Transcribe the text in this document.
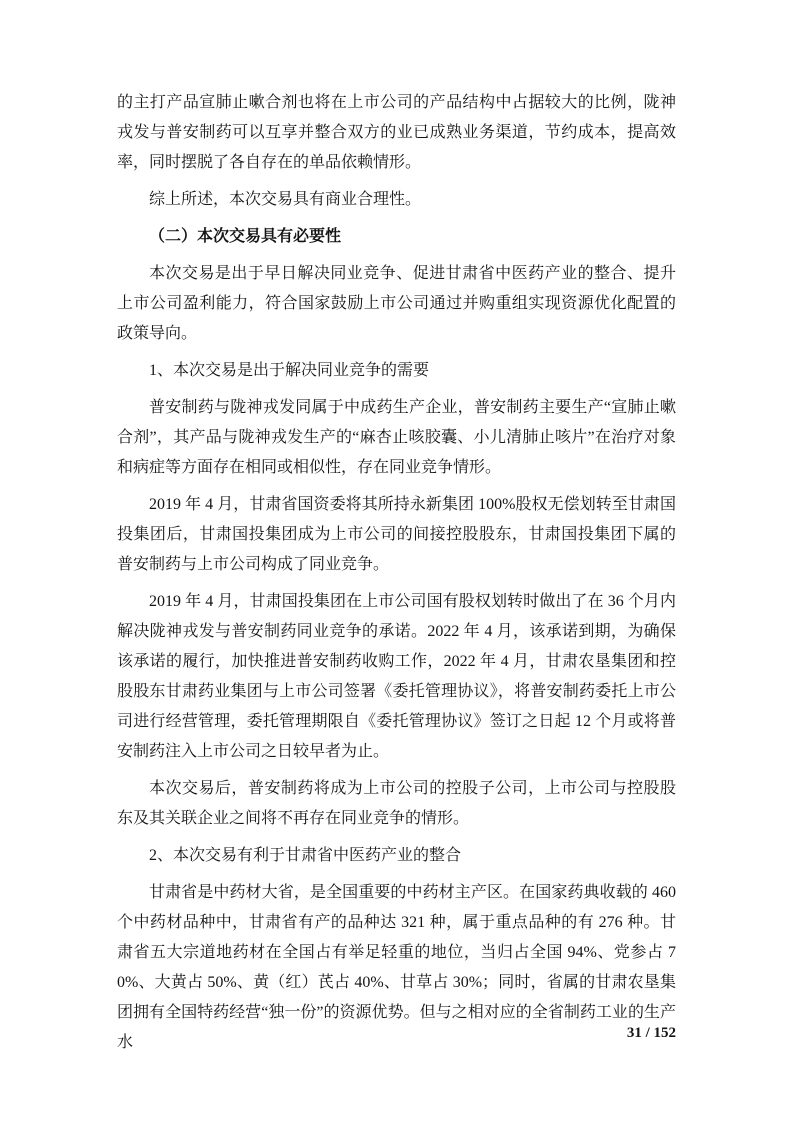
的主打产品宣肺止嗽合剂也将在上市公司的产品结构中占据较大的比例，陇神戎发与普安制药可以互享并整合双方的业已成熟业务渠道，节约成本，提高效率，同时摆脱了各自存在的单品依赖情形。

综上所述，本次交易具有商业合理性。

（二）本次交易具有必要性

本次交易是出于早日解决同业竞争、促进甘肃省中医药产业的整合、提升上市公司盈利能力，符合国家鼓励上市公司通过并购重组实现资源优化配置的政策导向。

1、本次交易是出于解决同业竞争的需要

普安制药与陇神戎发同属于中成药生产企业，普安制药主要生产“宣肺止嗽合剂”，其产品与陇神戎发生产的“麻杏止咳胶囊、小儿清肺止咳片”在治疗对象和病症等方面存在相同或相似性，存在同业竞争情形。

2019 年 4 月，甘肃省国资委将其所持永新集团 100%股权无偿划转至甘肃国投集团后，甘肃国投集团成为上市公司的间接控股股东，甘肃国投集团下属的普安制药与上市公司构成了同业竞争。

2019 年 4 月，甘肃国投集团在上市公司国有股权划转时做出了在 36 个月内解决陇神戎发与普安制药同业竞争的承诺。2022 年 4 月，该承诺到期，为确保该承诺的履行，加快推进普安制药收购工作，2022 年 4 月，甘肃农垦集团和控股股东甘肃药业集团与上市公司签署《委托管理协议》，将普安制药委托上市公司进行经营管理，委托管理期限自《委托管理协议》签订之日起 12 个月或将普安制药注入上市公司之日较早者为止。

本次交易后，普安制药将成为上市公司的控股子公司，上市公司与控股股东及其关联企业之间将不再存在同业竞争的情形。

2、本次交易有利于甘肃省中医药产业的整合

甘肃省是中药材大省，是全国重要的中药材主产区。在国家药典收载的 460 个中药材品种中，甘肃省有产的品种达 321 种，属于重点品种的有 276 种。甘肃省五大宗道地药材在全国占有举足轻重的地位，当归占全国 94%、党参占 70%、大黄占 50%、黄（红）芪占 40%、甘草占 30%；同时，省属的甘肃农垦集团拥有全国特药经营“独一份”的资源优势。但与之相对应的全省制药工业的生产水

31 / 152
